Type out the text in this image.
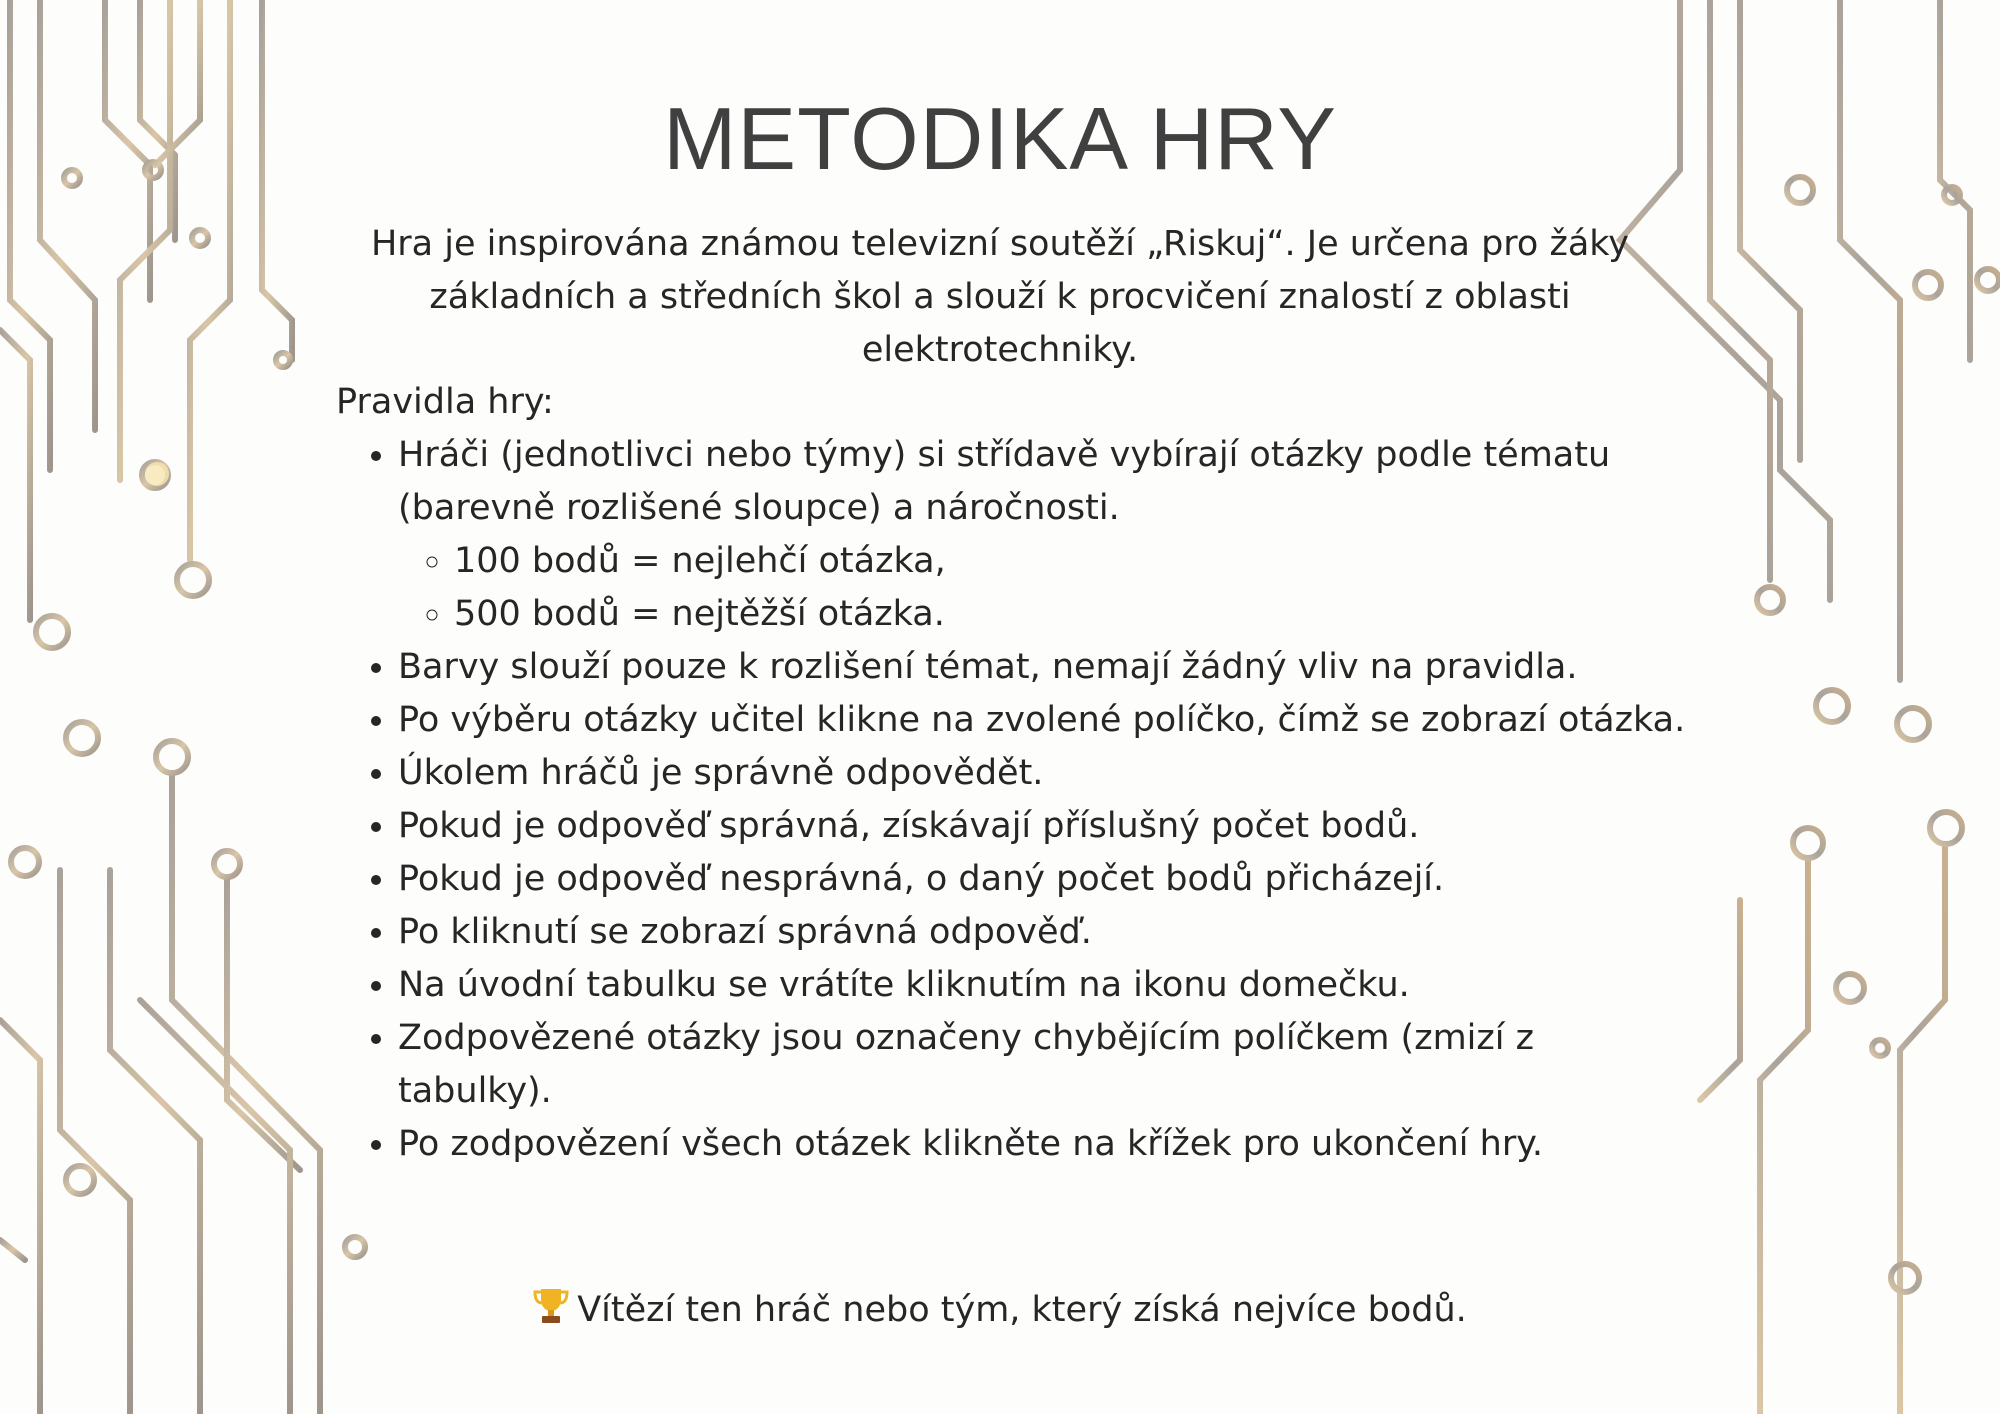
METODIKA HRY

Hra je inspirována známou televizní soutěží „Riskuj“. Je určena pro žáky základních a středních škol a slouží k procvičení znalostí z oblasti elektrotechniky.

Pravidla hry:

• Hráči (jednotlivci nebo týmy) si střídavě vybírají otázky podle tématu (barevně rozlišené sloupce) a náročnosti.
◦ 100 bodů = nejlehčí otázka,
◦ 500 bodů = nejtěžší otázka.
• Barvy slouží pouze k rozlišení témat, nemají žádný vliv na pravidla.
• Po výběru otázky učitel klikne na zvolené políčko, čímž se zobrazí otázka.
• Úkolem hráčů je správně odpovědět.
• Pokud je odpověď správná, získávají příslušný počet bodů.
• Pokud je odpověď nesprávná, o daný počet bodů přicházejí.
• Po kliknutí se zobrazí správná odpověď.
• Na úvodní tabulku se vrátíte kliknutím na ikonu domečku.
• Zodpovězené otázky jsou označeny chybějícím políčkem (zmizí z tabulky).
• Po zodpovězení všech otázek klikněte na křížek pro ukončení hry.

Vítězí ten hráč nebo tým, který získá nejvíce bodů.
